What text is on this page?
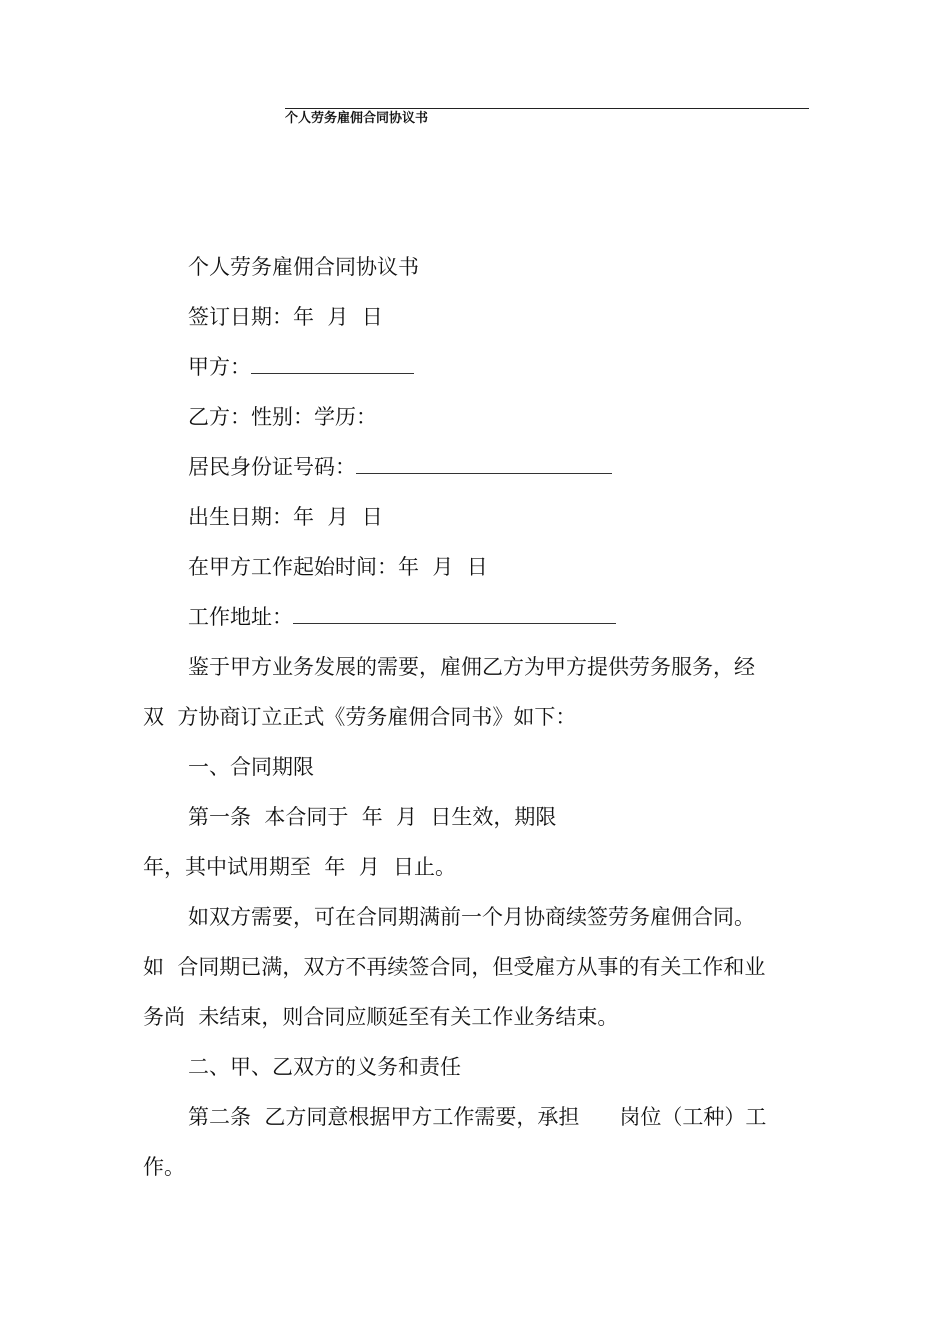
个人劳务雇佣合同协议书
个人劳务雇佣合同协议书
签订日期：年  月  日
甲方：
乙方：性别：学历：
居民身份证号码：
出生日期：年  月  日
在甲方工作起始时间：年  月  日
工作地址：
鉴于甲方业务发展的需要，雇佣乙方为甲方提供劳务服务，经
双  方协商订立正式《劳务雇佣合同书》如下：
一、合同期限
第一条  本合同于  年  月  日生效，期限
年，其中试用期至  年  月  日止。
如双方需要，可在合同期满前一个月协商续签劳务雇佣合同。
如  合同期已满，双方不再续签合同，但受雇方从事的有关工作和业
务尚  未结束，则合同应顺延至有关工作业务结束。
二、甲、乙双方的义务和责任
第二条  乙方同意根据甲方工作需要，承担      岗位（工种）工
作。
